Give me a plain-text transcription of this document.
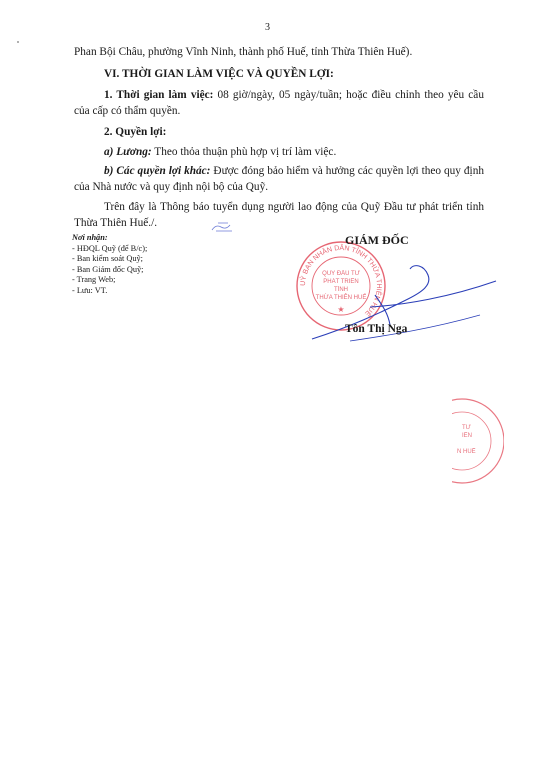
3

Phan Bội Châu, phường Vĩnh Ninh, thành phố Huế, tỉnh Thừa Thiên Huế).

VI. THỜI GIAN LÀM VIỆC VÀ QUYỀN LỢI:

1. Thời gian làm việc: 08 giờ/ngày, 05 ngày/tuần; hoặc điều chỉnh theo yêu cầu của cấp có thẩm quyền.

2. Quyền lợi:

a) Lương: Theo thỏa thuận phù hợp vị trí làm việc.

b) Các quyền lợi khác: Được đóng bảo hiểm và hưởng các quyền lợi theo quy định của Nhà nước và quy định nội bộ của Quỹ.

Trên đây là Thông báo tuyển dụng người lao động của Quỹ Đầu tư phát triển tỉnh Thừa Thiên Huế./.

Nơi nhận:
- HĐQL Quỹ (để B/c);
- Ban kiểm soát Quỹ;
- Ban Giám đốc Quỹ;
- Trang Web;
- Lưu: VT.
UỶ BAN NHÂN DÂN TỈNH THỪA THIÊN HUẾ
QUỸ ĐẦU TƯ
PHÁT TRIỂN
TỈNH
THỪA THIÊN HUẾ
★
GIÁM ĐỐC
Tôn Thị Nga
TỪ
IỂN
N HUẾ
